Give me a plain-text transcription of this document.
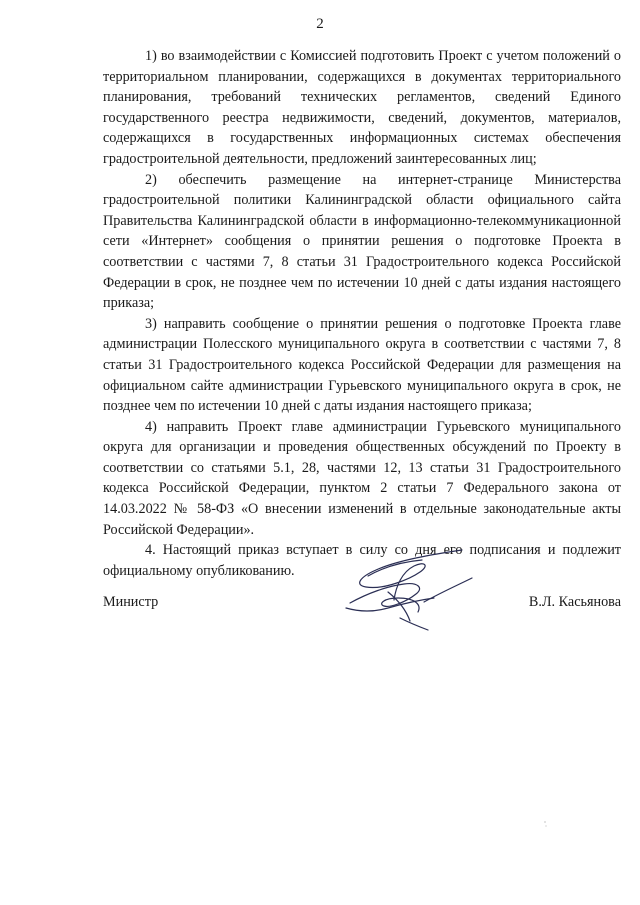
2

1) во взаимодействии с Комиссией подготовить Проект с учетом положений о территориальном планировании, содержащихся в документах территориального планирования, требований технических регламентов, сведений Единого государственного реестра недвижимости, сведений, документов, материалов, содержащихся в государственных информационных системах обеспечения градостроительной деятельности, предложений заинтересованных лиц;

2) обеспечить размещение на интернет-странице Министерства градостроительной политики Калининградской области официального сайта Правительства Калининградской области в информационно-телекоммуникационной сети «Интернет» сообщения о принятии решения о подготовке Проекта в соответствии с частями 7, 8 статьи 31 Градостроительного кодекса Российской Федерации в срок, не позднее чем по истечении 10 дней с даты издания настоящего приказа;

3) направить сообщение о принятии решения о подготовке Проекта главе администрации Полесского муниципального округа в соответствии с частями 7, 8 статьи 31 Градостроительного кодекса Российской Федерации для размещения на официальном сайте администрации Гурьевского муниципального округа в срок, не позднее чем по истечении 10 дней с даты издания настоящего приказа;

4) направить Проект главе администрации Гурьевского муниципального округа для организации и проведения общественных обсуждений по Проекту в соответствии со статьями 5.1, 28, частями 12, 13 статьи 31 Градостроительного кодекса Российской Федерации, пунктом 2 статьи 7 Федерального закона от 14.03.2022 № 58-ФЗ «О внесении изменений в отдельные законодательные акты Российской Федерации».

4. Настоящий приказ вступает в силу со дня его подписания и подлежит официальному опубликованию.

Министр	В.Л. Касьянова
